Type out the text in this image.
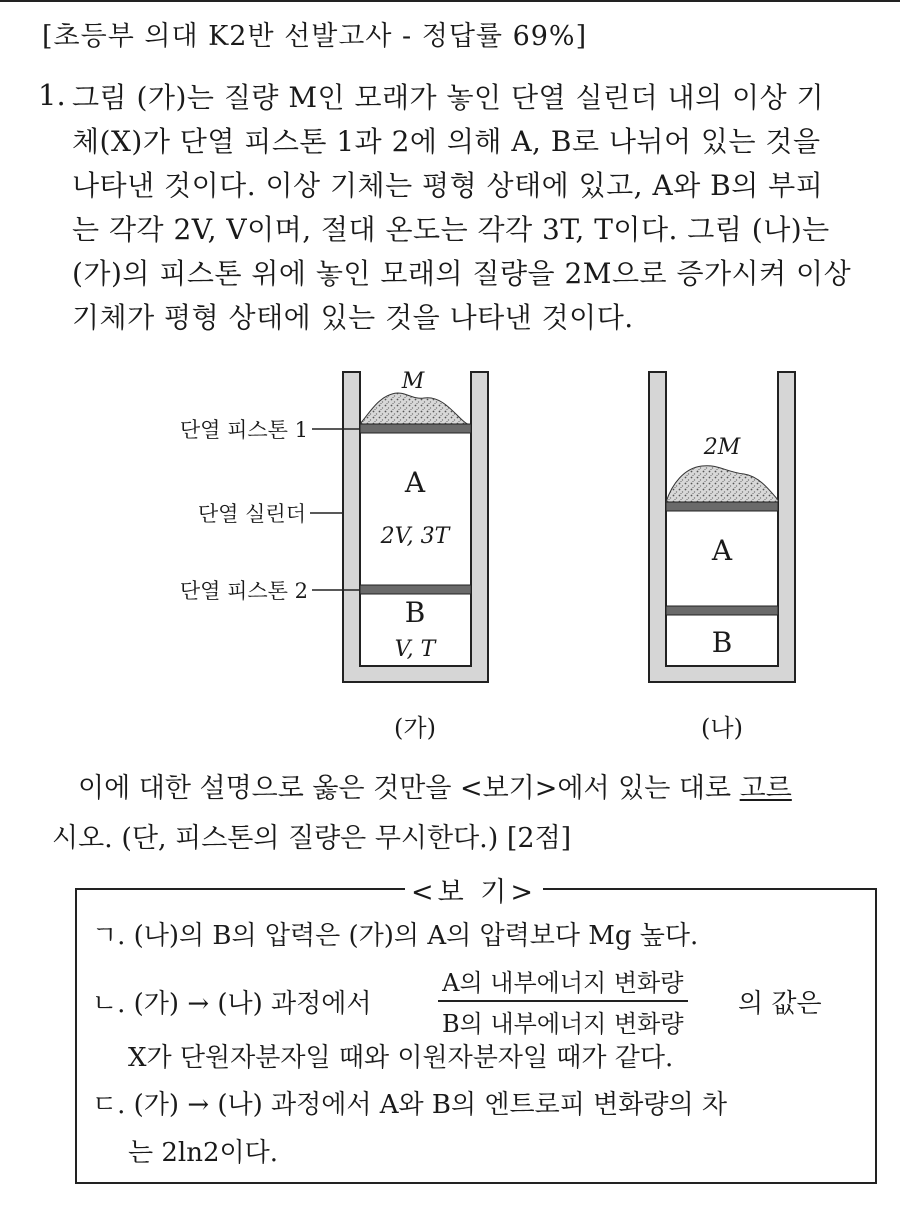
[초등부 의대 K2반 선발고사 - 정답률 69%]
1. 그림 (가)는 질량 M인 모래가 놓인 단열 실린더 내의 이상 기
체(X)가 단열 피스톤 1과 2에 의해 A, B로 나뉘어 있는 것을
나타낸 것이다. 이상 기체는 평형 상태에 있고, A와 B의 부피
는 각각 2V, V이며, 절대 온도는 각각 3T, T이다. 그림 (나)는
(가)의 피스톤 위에 놓인 모래의 질량을 2M으로 증가시켜 이상
기체가 평형 상태에 있는 것을 나타낸 것이다.
M
A
2V, 3T
B
V, T
단열 피스톤 1
단열 실린더
단열 피스톤 2
(가)
2M
A
B
(나)
이에 대한 설명으로 옳은 것만을 <보기>에서 있는 대로 고르
시오. (단, 피스톤의 질량은 무시한다.) [2점]
<보 기>
ㄱ. (나)의 B의 압력은 (가)의 A의 압력보다 Mg 높다.
ㄴ. (가) → (나) 과정에서
A의 내부에너지 변화량
B의 내부에너지 변화량
의 값은
X가 단원자분자일 때와 이원자분자일 때가 같다.
ㄷ. (가) → (나) 과정에서 A와 B의 엔트로피 변화량의 차
는 2ln2이다.
